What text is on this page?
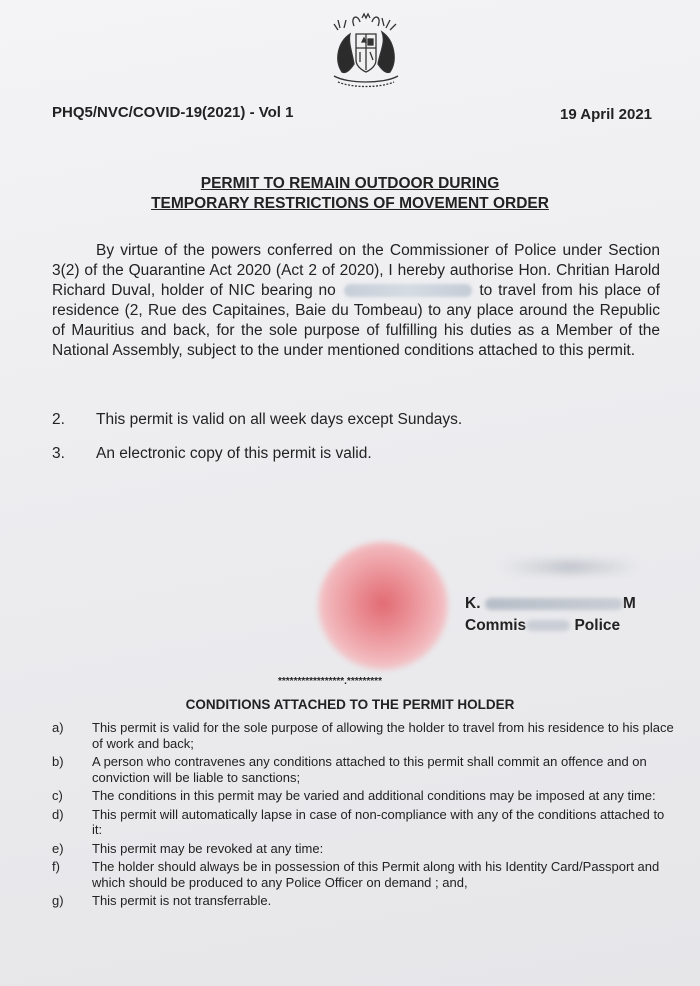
PHQ5/NVC/COVID-19(2021) - Vol 1	19 April 2021
PERMIT TO REMAIN OUTDOOR DURING
TEMPORARY RESTRICTIONS OF MOVEMENT ORDER
By virtue of the powers conferred on the Commissioner of Police under Section 3(2) of the Quarantine Act 2020 (Act 2 of 2020), I hereby authorise Hon. Chritian Harold Richard Duval, holder of NIC bearing no	to travel from his place of residence (2, Rue des Capitaines, Baie du Tombeau) to any place around the Republic of Mauritius and back, for the sole purpose of fulfilling his duties as a Member of the National Assembly, subject to the under mentioned conditions attached to this permit.
2. This permit is valid on all week days except Sundays.
3. An electronic copy of this permit is valid.
K.	M
Commis	Police
*****************.*********
CONDITIONS ATTACHED TO THE PERMIT HOLDER
a)	This permit is valid for the sole purpose of allowing the holder to travel from his residence to his place of work and back;
b)	A person who contravenes any conditions attached to this permit shall commit an offence and on conviction will be liable to sanctions;
c)	The conditions in this permit may be varied and additional conditions may be imposed at any time:
d)	This permit will automatically lapse in case of non-compliance with any of the conditions attached to it:
e)	This permit may be revoked at any time:
f)	The holder should always be in possession of this Permit along with his Identity Card/Passport and which should be produced to any Police Officer on demand ; and,
g)	This permit is not transferrable.
